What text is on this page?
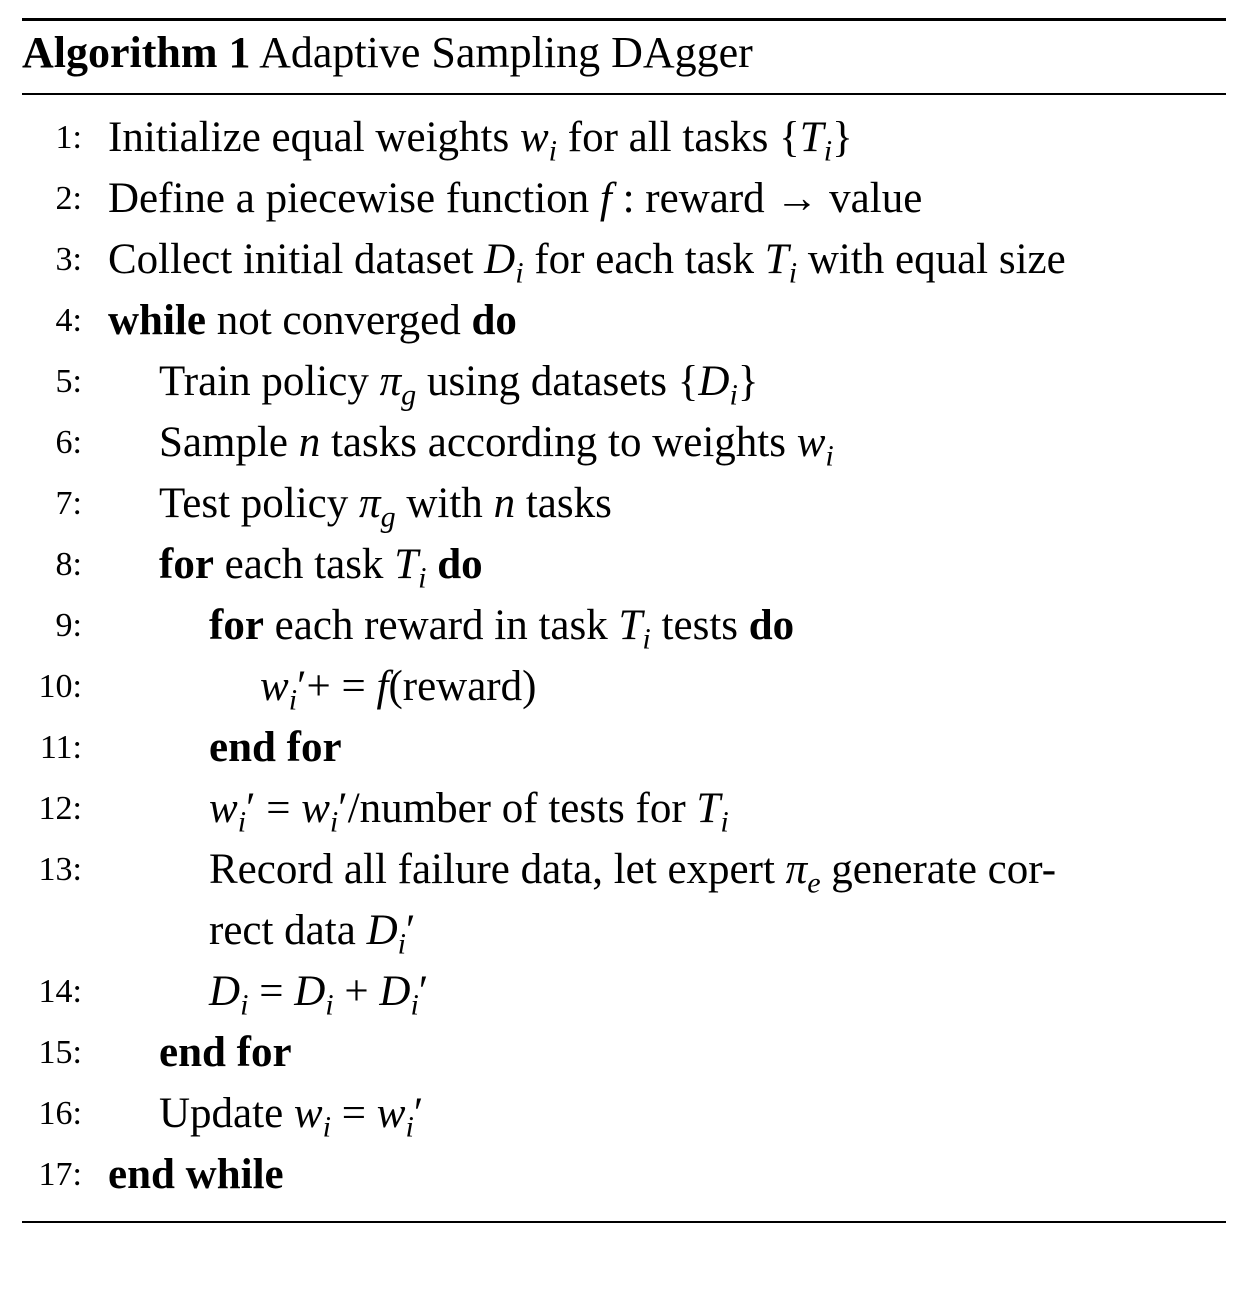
Algorithm 1 Adaptive Sampling DAgger
1: Initialize equal weights $w_i$ for all tasks $\{T_i\}$
2: Define a piecewise function f : reward → value
3: Collect initial dataset $D_i$ for each task $T_i$ with equal size
4: while not converged do
5: Train policy $\pi_g$ using datasets $\{D_i\}$
6: Sample n tasks according to weights $w_i$
7: Test policy $\pi_g$ with n tasks
8: for each task $T_i$ do
9:	for each reward in task $T_i$ tests do
10:	$w_i'+$ = f(reward)
11:	end for
12:	$w_i'$ = $w_i'$/number of tests for $T_i$
13:	Record all failure data, let expert $\pi_e$ generate cor-
rect data $D_i'$
14:	$D_i = D_i + D_i'$
15: end for
16: Update $w_i = w_i'$
17: end while
